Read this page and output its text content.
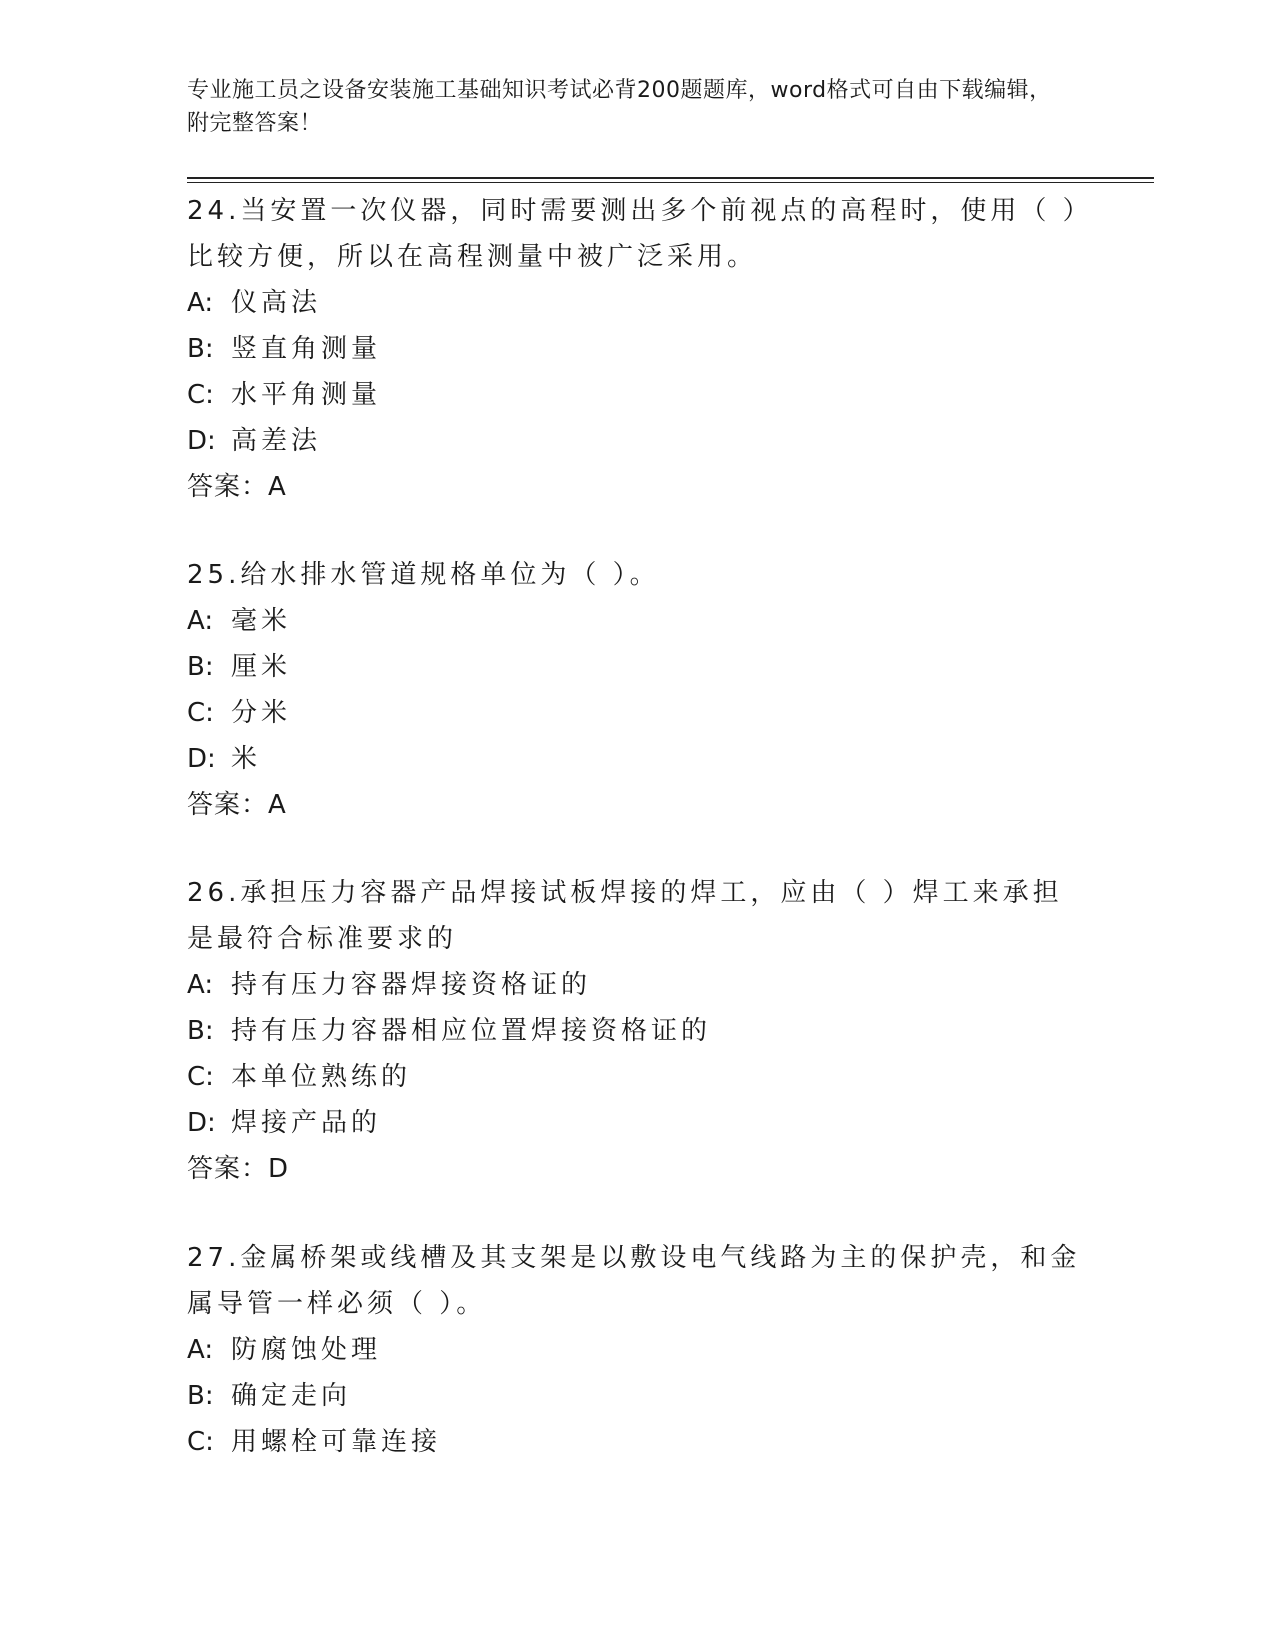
专业施工员之设备安装施工基础知识考试必背200题题库，word格式可自由下载编辑，附完整答案！
24.当安置一次仪器，同时需要测出多个前视点的高程时，使用（ ）比较方便，所以在高程测量中被广泛采用。
A: 仪高法
B: 竖直角测量
C: 水平角测量
D: 高差法
答案：A
25.给水排水管道规格单位为（ ）。
A: 毫米
B: 厘米
C: 分米
D: 米
答案：A
26.承担压力容器产品焊接试板焊接的焊工，应由（ ）焊工来承担是最符合标准要求的
A: 持有压力容器焊接资格证的
B: 持有压力容器相应位置焊接资格证的
C: 本单位熟练的
D: 焊接产品的
答案：D
27.金属桥架或线槽及其支架是以敷设电气线路为主的保护壳，和金属导管一样必须（ ）。
A: 防腐蚀处理
B: 确定走向
C: 用螺栓可靠连接
